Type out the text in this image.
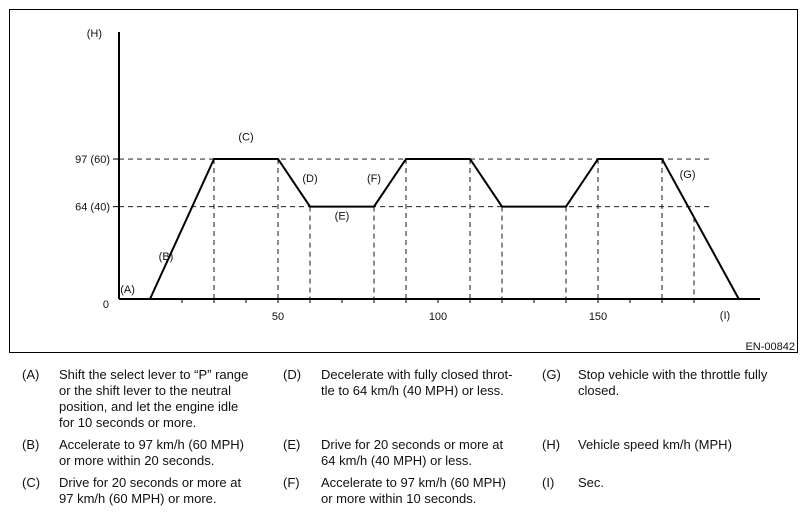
64 (40)
97 (60)
50	100	150
(H)
(I)
0
(A)
(B)
(C)
(D)
(E)
(F)	(G)
EN-00842
(A) Shift the select lever to “P” range
or the shift lever to the neutral
position, and let the engine idle
for 10 seconds or more.
(B) Accelerate to 97 km/h (60 MPH)
or more within 20 seconds.
(C) Drive for 20 seconds or more at
97 km/h (60 MPH) or more.
(D) Decelerate with fully closed throt-
tle to 64 km/h (40 MPH) or less.
(E) Drive for 20 seconds or more at
64 km/h (40 MPH) or less.
(F) Accelerate to 97 km/h (60 MPH)
or more within 10 seconds.
(G) Stop vehicle with the throttle fully
closed.
(H) Vehicle speed km/h (MPH)
(I) Sec.
